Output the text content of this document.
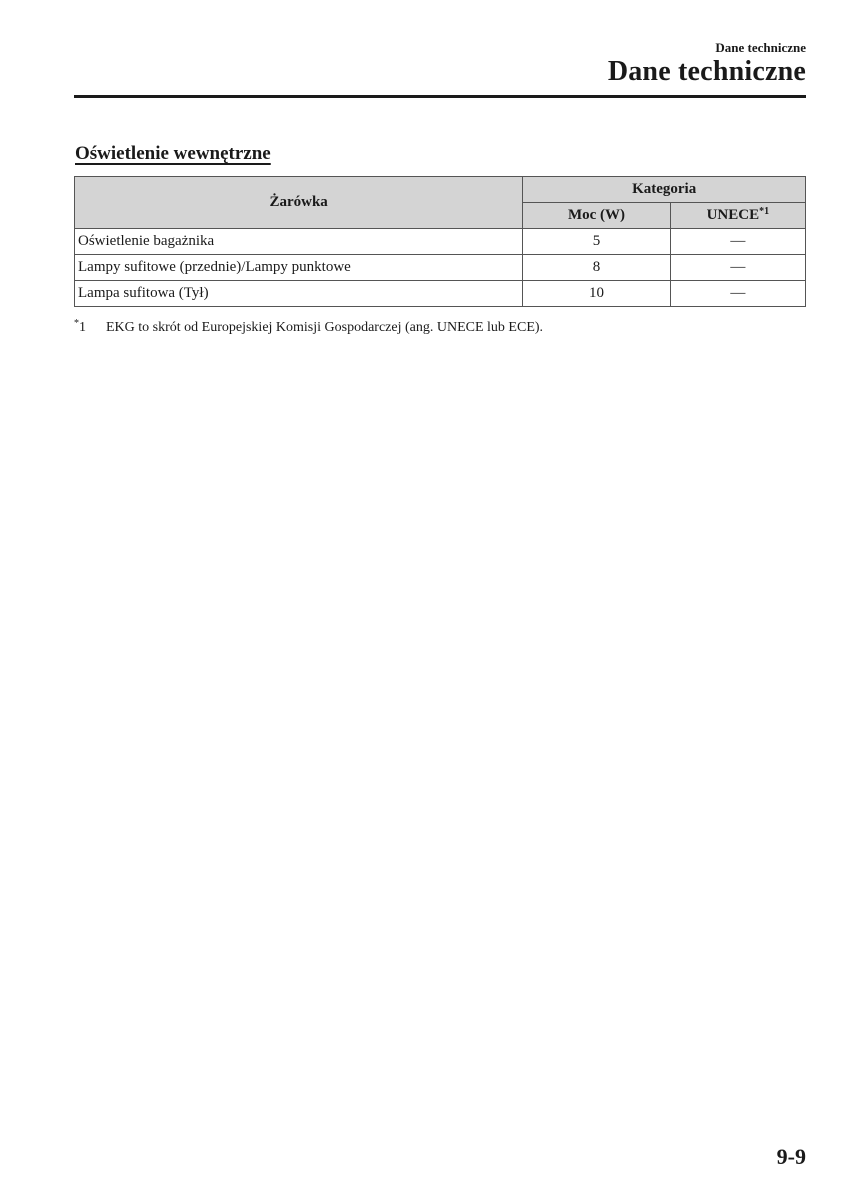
Dane techniczne
Dane techniczne
Oświetlenie wewnętrzne
Żarówka	Kategoria	
	Moc (W)	UNECE$^{*1}$
Oświetlenie bagażnika	5	—
Lampy sufitowe (przednie)/Lampy punktowe	8	—
Lampa sufitowa (Tył)	10	—
*1 EKG to skrót od Europejskiej Komisji Gospodarczej (ang. UNECE lub ECE).
9-9
